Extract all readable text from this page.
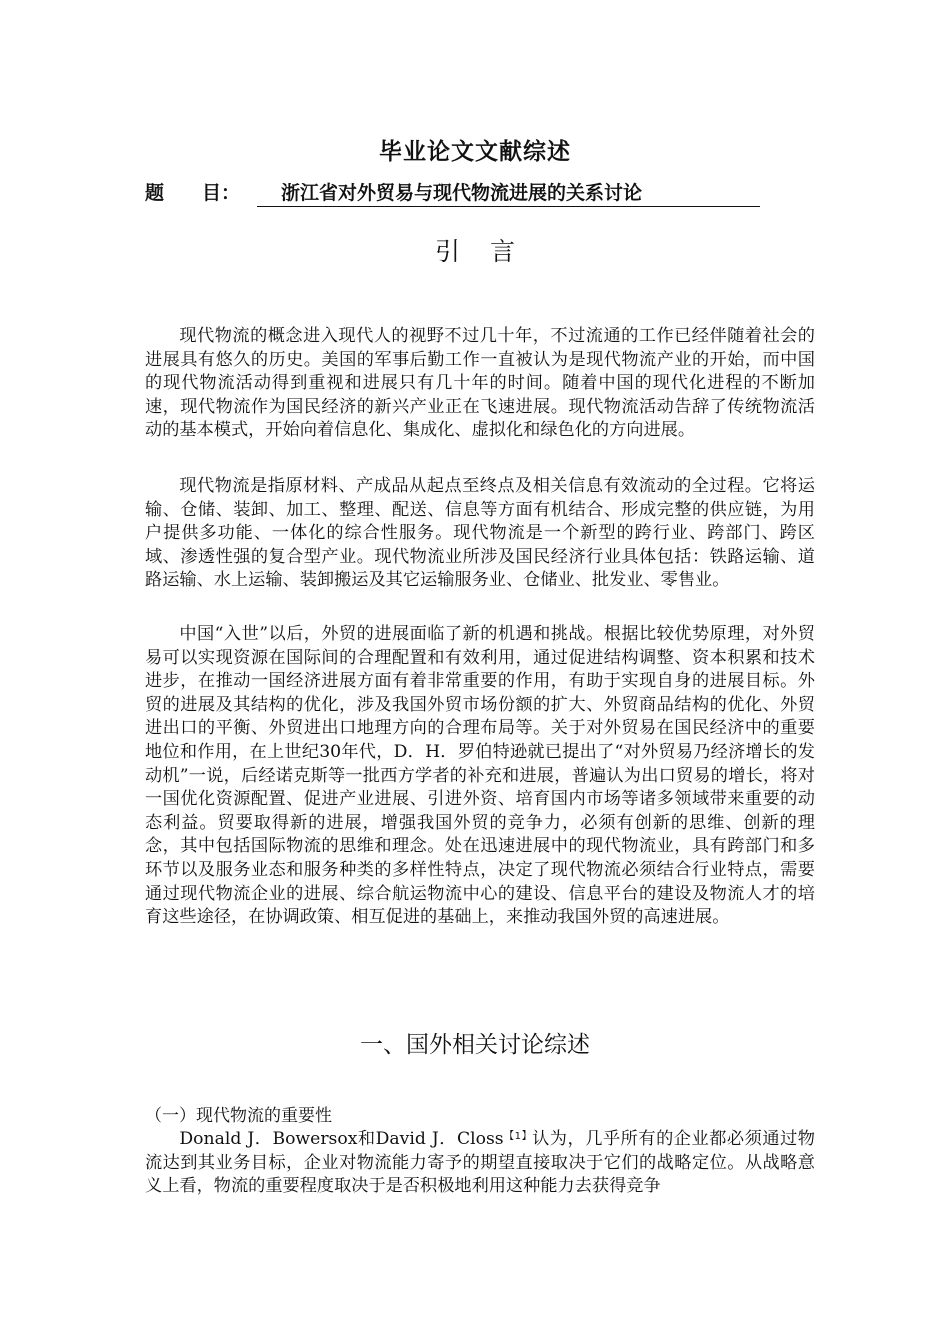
毕业论文文献综述
题　　目：	浙江省对外贸易与现代物流进展的关系讨论
引言
现代物流的概念进入现代人的视野不过几十年，不过流通的工作已经伴随着社会的进展具有悠久的历史。美国的军事后勤工作一直被认为是现代物流产业的开始，而中国的现代物流活动得到重视和进展只有几十年的时间。随着中国的现代化进程的不断加速，现代物流作为国民经济的新兴产业正在飞速进展。现代物流活动告辞了传统物流活动的基本模式，开始向着信息化、集成化、虚拟化和绿色化的方向进展。
现代物流是指原材料、产成品从起点至终点及相关信息有效流动的全过程。它将运输、仓储、装卸、加工、整理、配送、信息等方面有机结合、形成完整的供应链，为用户提供多功能、一体化的综合性服务。现代物流是一个新型的跨行业、跨部门、跨区域、渗透性强的复合型产业。现代物流业所涉及国民经济行业具体包括：铁路运输、道路运输、水上运输、装卸搬运及其它运输服务业、仓储业、批发业、零售业。
中国“入世”以后，外贸的进展面临了新的机遇和挑战。根据比较优势原理，对外贸易可以实现资源在国际间的合理配置和有效利用，通过促进结构调整、资本积累和技术进步，在推动一国经济进展方面有着非常重要的作用，有助于实现自身的进展目标。外贸的进展及其结构的优化，涉及我国外贸市场份额的扩大、外贸商品结构的优化、外贸进出口的平衡、外贸进出口地理方向的合理布局等。关于对外贸易在国民经济中的重要地位和作用，在上世纪30年代，D．H．罗伯特逊就已提出了“对外贸易乃经济增长的发动机”一说，后经诺克斯等一批西方学者的补充和进展，普遍认为出口贸易的增长，将对一国优化资源配置、促进产业进展、引进外资、培育国内市场等诸多领域带来重要的动态利益。贸要取得新的进展，增强我国外贸的竞争力，必须有创新的思维、创新的理念，其中包括国际物流的思维和理念。处在迅速进展中的现代物流业，具有跨部门和多环节以及服务业态和服务种类的多样性特点，决定了现代物流必须结合行业特点，需要通过现代物流企业的进展、综合航运物流中心的建设、信息平台的建设及物流人才的培育这些途径，在协调政策、相互促进的基础上，来推动我国外贸的高速进展。
一、国外相关讨论综述
（一）现代物流的重要性
Donald J．Bowersox和David J．Closs$^{【1】}$认为，几乎所有的企业都必须通过物流达到其业务目标，企业对物流能力寄予的期望直接取决于它们的战略定位。从战略意义上看，物流的重要程度取决于是否积极地利用这种能力去获得竞争
